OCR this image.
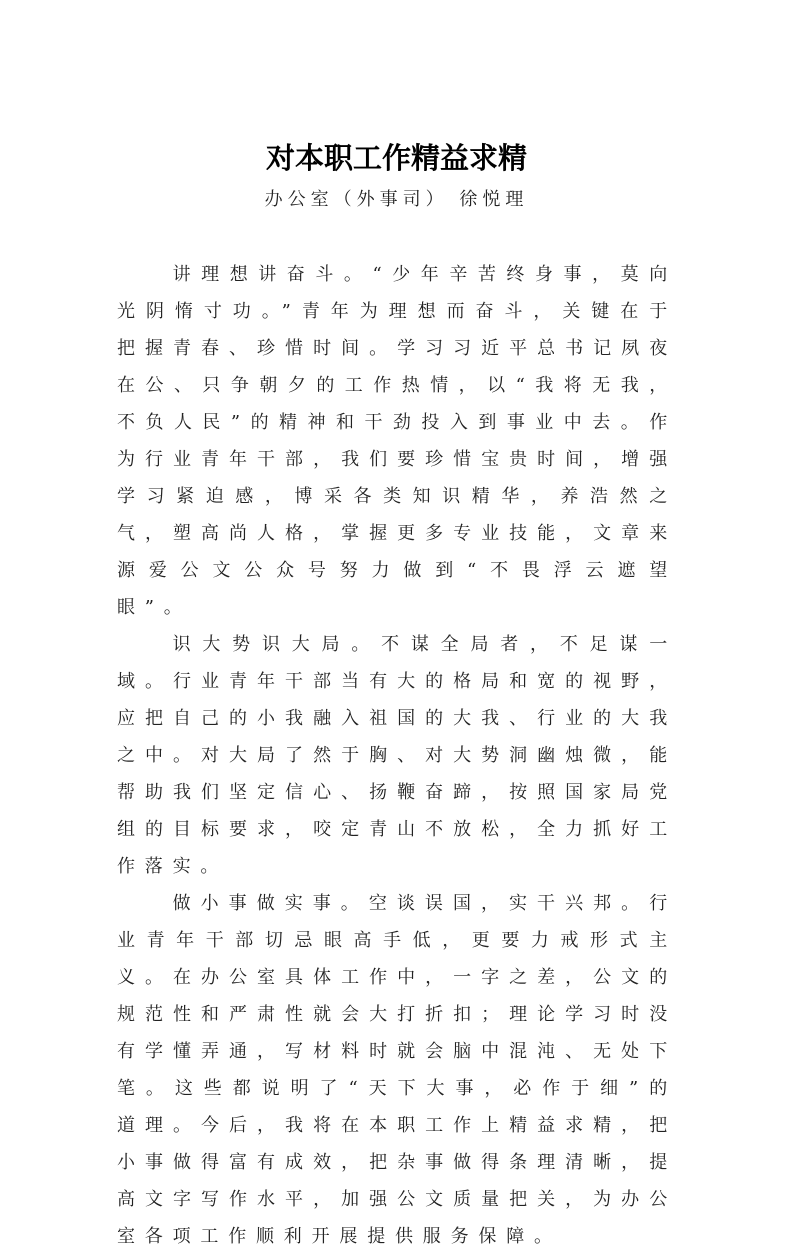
对本职工作精益求精
办公室（外事司） 徐悦理

讲理想讲奋斗。“少年辛苦终身事，莫向光阴惰寸功。”青年为理想而奋斗，关键在于把握青春、珍惜时间。学习习近平总书记夙夜在公、只争朝夕的工作热情，以“我将无我，不负人民”的精神和干劲投入到事业中去。作为行业青年干部，我们要珍惜宝贵时间，增强学习紧迫感，博采各类知识精华，养浩然之气，塑高尚人格，掌握更多专业技能，文章来源爱公文公众号努力做到“不畏浮云遮望眼”。

识大势识大局。不谋全局者，不足谋一域。行业青年干部当有大的格局和宽的视野，应把自己的小我融入祖国的大我、行业的大我之中。对大局了然于胸、对大势洞幽烛微，能帮助我们坚定信心、扬鞭奋蹄，按照国家局党组的目标要求，咬定青山不放松，全力抓好工作落实。

做小事做实事。空谈误国，实干兴邦。行业青年干部切忌眼高手低，更要力戒形式主义。在办公室具体工作中，一字之差，公文的规范性和严肃性就会大打折扣；理论学习时没有学懂弄通，写材料时就会脑中混沌、无处下笔。这些都说明了“天下大事，必作于细”的道理。今后，我将在本职工作上精益求精，把小事做得富有成效，把杂事做得条理清晰，提高文字写作水平，加强公文质量把关，为办公室各项工作顺利开展提供服务保障。
